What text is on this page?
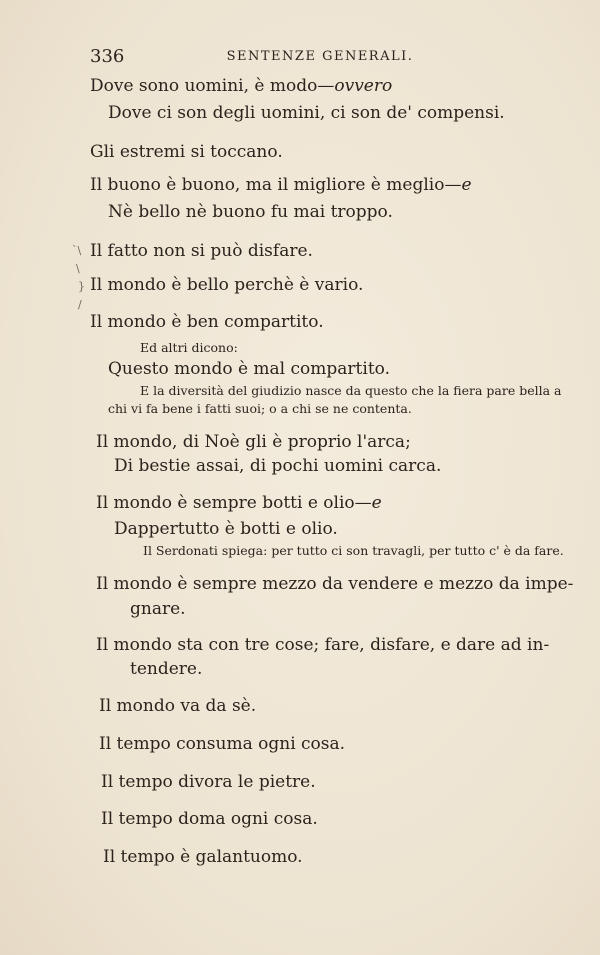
336	SENTENZE GENERALI.
`\
\
}
/
Dove sono uomini, è modo—ovvero
Dove ci son degli uomini, ci son de' compensi.
Gli estremi si toccano.
Il buono è buono, ma il migliore è meglio—e
Nè bello nè buono fu mai troppo.
Il fatto non si può disfare.
Il mondo è bello perchè è vario.
Il mondo è ben compartito.
Ed altri dicono:
Questo mondo è mal compartito.
E la diversità del giudizio nasce da questo che la fiera pare bella a
chi vi fa bene i fatti suoi; o a chi se ne contenta.
Il mondo, di Noè gli è proprio l'arca;
Di bestie assai, di pochi uomini carca.
Il mondo è sempre botti e olio—e
Dappertutto è botti e olio.
Il Serdonati spiega: per tutto ci son travagli, per tutto c' è da fare.
Il mondo è sempre mezzo da vendere e mezzo da impe-
gnare.
Il mondo sta con tre cose; fare, disfare, e dare ad in-
tendere.
Il mondo va da sè.
Il tempo consuma ogni cosa.
Il tempo divora le pietre.
Il tempo doma ogni cosa.
Il tempo è galantuomo.
